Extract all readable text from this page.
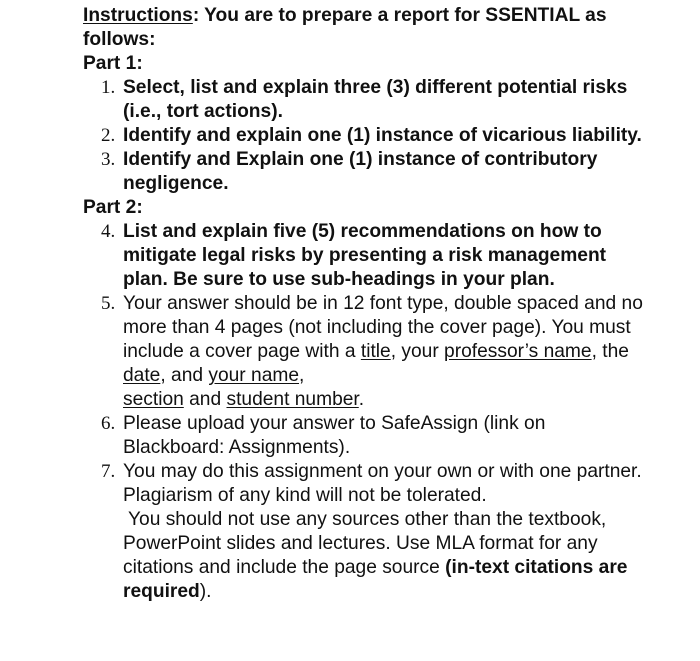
Instructions: You are to prepare a report for SSENTIAL as follows:
Part 1:
1. Select, list and explain three (3) different potential risks (i.e., tort actions).
2. Identify and explain one (1) instance of vicarious liability.
3. Identify and Explain one (1) instance of contributory negligence.
Part 2:
4. List and explain five (5) recommendations on how to mitigate legal risks by presenting a risk management plan. Be sure to use sub-headings in your plan.
5. Your answer should be in 12 font type, double spaced and no more than 4 pages (not including the cover page). You must include a cover page with a title, your professor’s name, the date, and your name,
section and student number.
6. Please upload your answer to SafeAssign (link on Blackboard: Assignments).
7. You may do this assignment on your own or with one partner. Plagiarism of any kind will not be tolerated.
You should not use any sources other than the textbook, PowerPoint slides and lectures. Use MLA format for any citations and include the page source (in-text citations are required).
